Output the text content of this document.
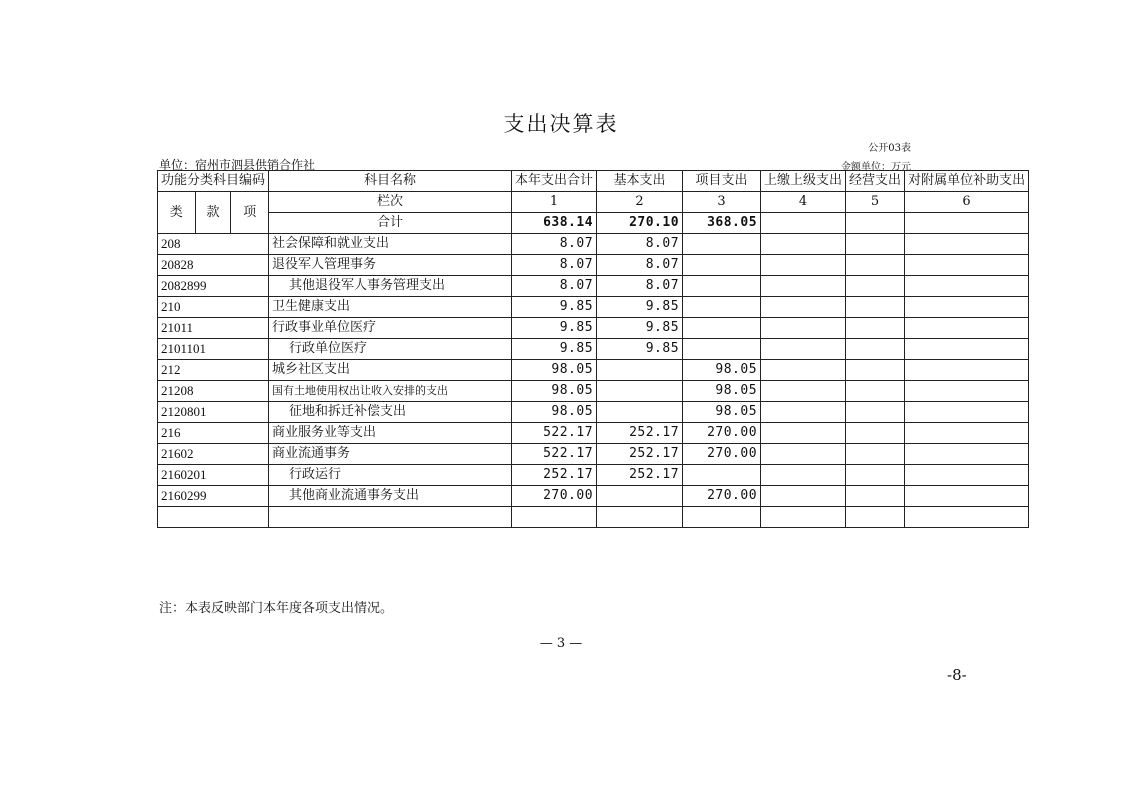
支出决算表
公开03表
单位：宿州市泗县供销合作社	金额单位：万元
功能分类科目编码			科目名称	本年支出合计	基本支出	项目支出	上缴上级支出	经营支出	对附属单位补助支出
类	款	项	栏次	1	2	3	4	5	6
			合计	638.14	270.10	368.05			
208			社会保障和就业支出	8.07	8.07				
20828			退役军人管理事务	8.07	8.07				
2082899			其他退役军人事务管理支出	8.07	8.07				
210			卫生健康支出	9.85	9.85				
21011			行政事业单位医疗	9.85	9.85				
2101101			行政单位医疗	9.85	9.85				
212			城乡社区支出	98.05		98.05			
21208			国有土地使用权出让收入安排的支出	98.05		98.05			
2120801			征地和拆迁补偿支出	98.05		98.05			
216			商业服务业等支出	522.17	252.17	270.00			
21602			商业流通事务	522.17	252.17	270.00			
2160201			行政运行	252.17	252.17				
2160299			其他商业流通事务支出	270.00		270.00			

注：本表反映部门本年度各项支出情况。
— 3 —
-8-
